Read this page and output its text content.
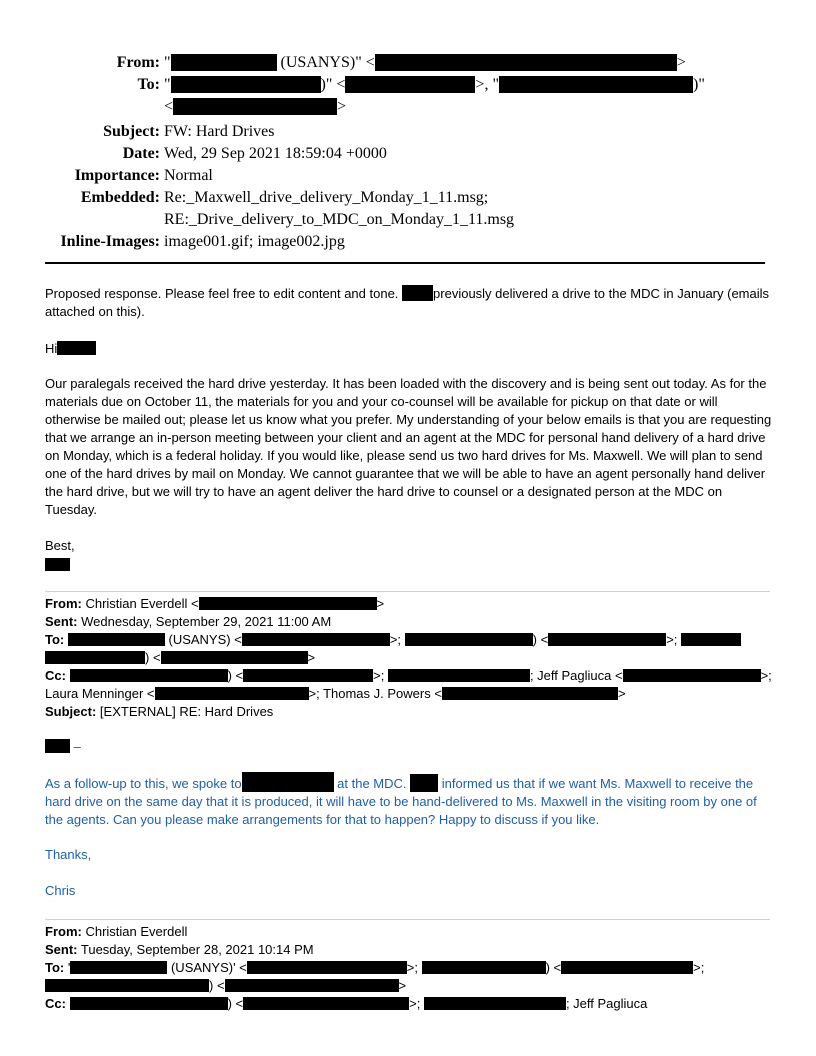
From: "	(USANYS)" <	>
To: "	)" <	>, "	)"
<	>
Subject: FW: Hard Drives
Date: Wed, 29 Sep 2021 18:59:04 +0000
Importance: Normal
Embedded: Re:_Maxwell_drive_delivery_Monday_1_11.msg;
RE:_Drive_delivery_to_MDC_on_Monday_1_11.msg
Inline-Images: image001.gif; image002.jpg

Proposed response. Please feel free to edit content and tone. previously delivered a drive to the MDC in January (emails attached on this).

Hi

Our paralegals received the hard drive yesterday. It has been loaded with the discovery and is being sent out today. As for the materials due on October 11, the materials for you and your co-counsel will be available for pickup on that date or will otherwise be mailed out; please let us know what you prefer. My understanding of your below emails is that you are requesting that we arrange an in-person meeting between your client and an agent at the MDC for personal hand delivery of a hard drive on Monday, which is a federal holiday. If you would like, please send us two hard drives for Ms. Maxwell. We will plan to send one of the hard drives by mail on Monday. We cannot guarantee that we will be able to have an agent personally hand deliver the hard drive, but we will try to have an agent deliver the hard drive to counsel or a designated person at the MDC on Tuesday.

Best,

From: Christian Everdell <	>
Sent: Wednesday, September 29, 2021 11:00 AM
To:	(USANYS) <	>;	) <	>;
) <	>
Cc:	) <	>;	; Jeff Pagliuca <	>;
Laura Menninger <	>; Thomas J. Powers <	>
Subject: [EXTERNAL] RE: Hard Drives

–

As a follow-up to this, we spoke to	at the MDC.  informed us that if we want Ms. Maxwell to receive the hard drive on the same day that it is produced, it will have to be hand-delivered to Ms. Maxwell in the visiting room by one of the agents. Can you please make arrangements for that to happen? Happy to discuss if you like.

Thanks,

Chris

From: Christian Everdell
Sent: Tuesday, September 28, 2021 10:14 PM
To: '	(USANYS)' <	>;	) <	>;
) <	>
Cc:	) <	>;	; Jeff Pagliuca
